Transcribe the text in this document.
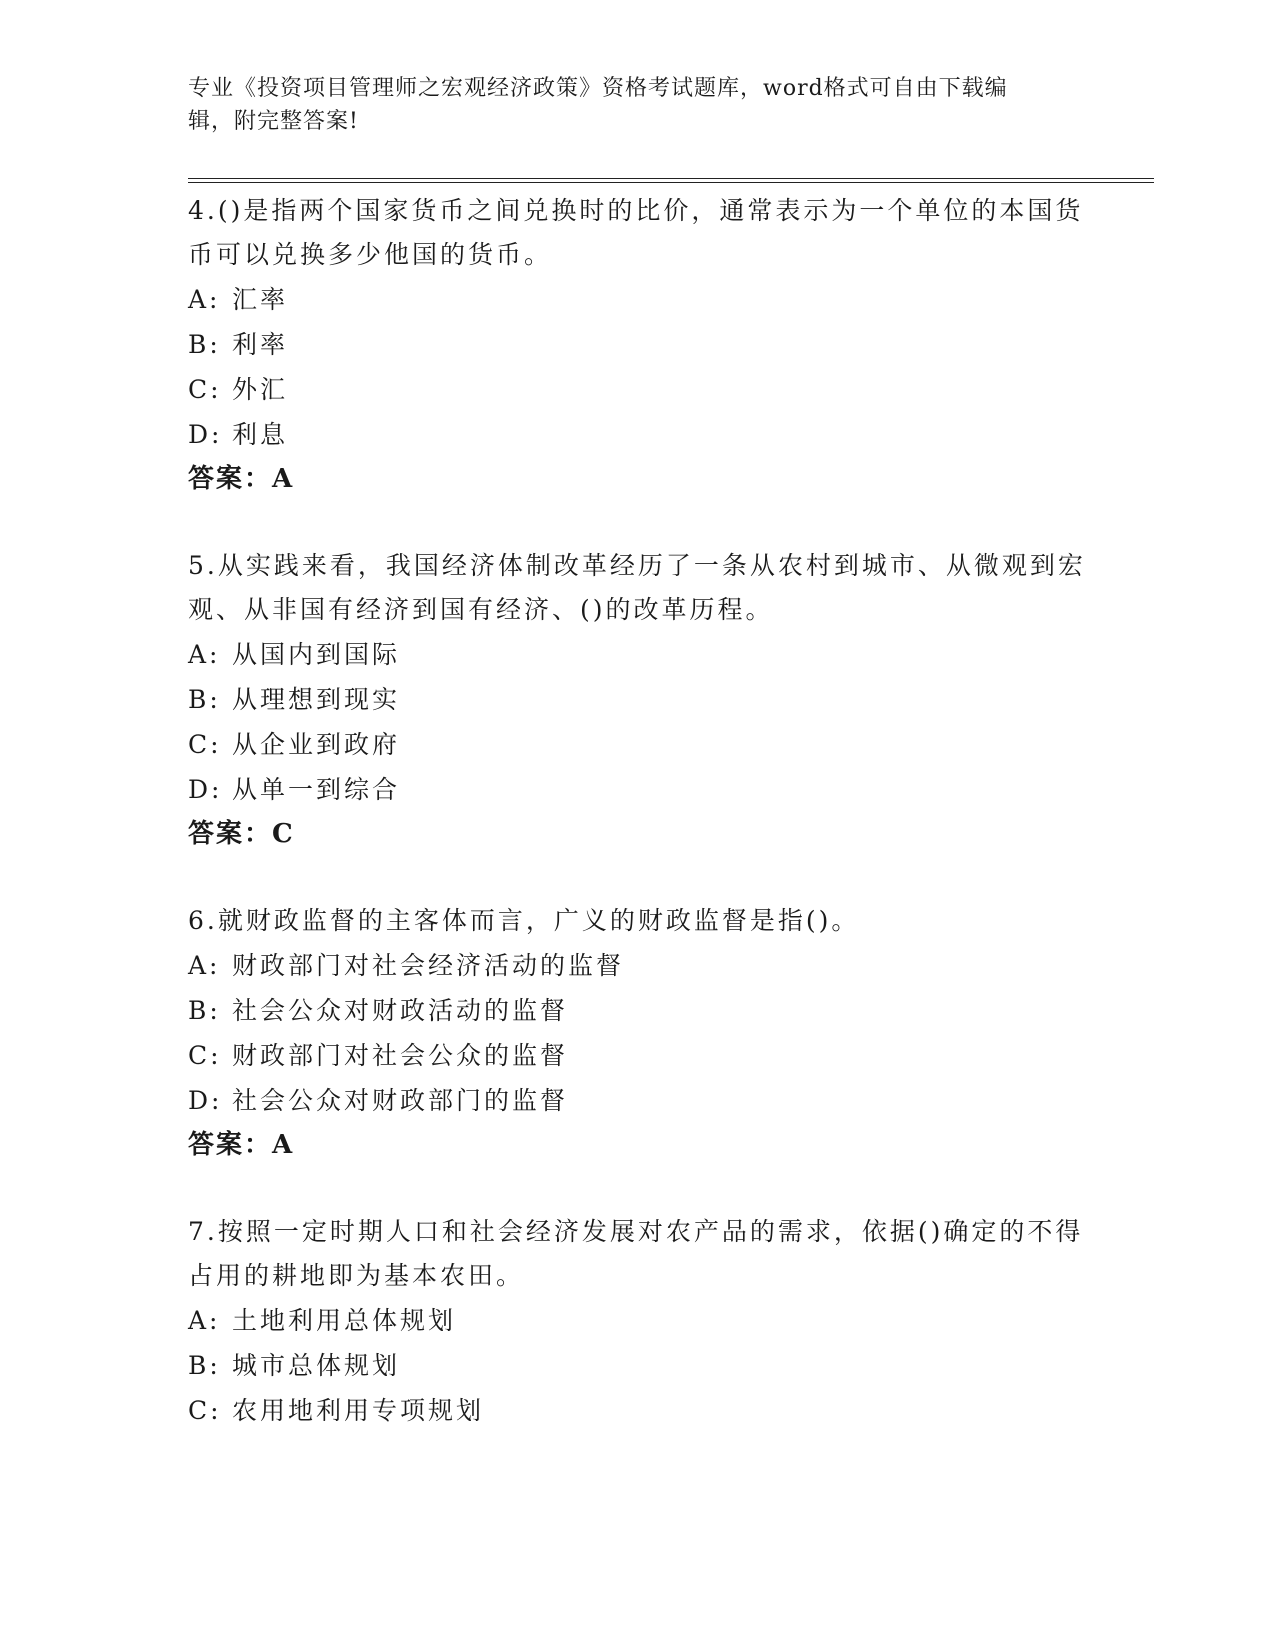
专业《投资项目管理师之宏观经济政策》资格考试题库，word格式可自由下载编
辑，附完整答案!

4.()是指两个国家货币之间兑换时的比价，通常表示为一个单位的本国货币可以兑换多少他国的货币。

A: 汇率

B: 利率

C: 外汇

D: 利息

答案：A

5.从实践来看，我国经济体制改革经历了一条从农村到城市、从微观到宏观、从非国有经济到国有经济、()的改革历程。

A: 从国内到国际

B: 从理想到现实

C: 从企业到政府

D: 从单一到综合

答案：C

6.就财政监督的主客体而言，广义的财政监督是指()。

A: 财政部门对社会经济活动的监督

B: 社会公众对财政活动的监督

C: 财政部门对社会公众的监督

D: 社会公众对财政部门的监督

答案：A

7.按照一定时期人口和社会经济发展对农产品的需求，依据()确定的不得占用的耕地即为基本农田。

A: 土地利用总体规划

B: 城市总体规划

C: 农用地利用专项规划
